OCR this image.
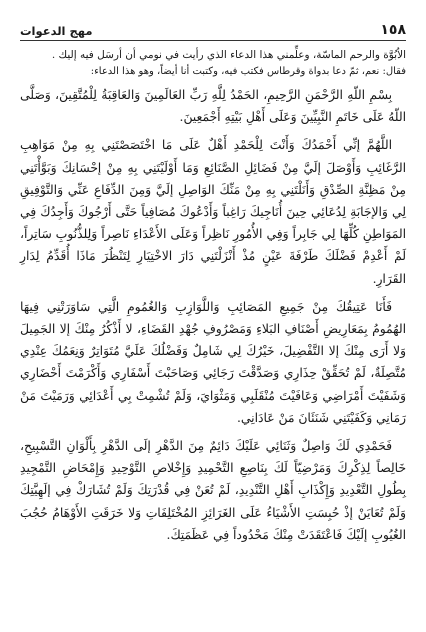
١٥٨
مهج الدعوات

الاُبُوَّة والرحم الماسّة، وعلِّمني هذا الدعاء الذي رأيت في نومي أن أرسَل فيه إليك .

فقال: نعم، ثمّ دعا بدواة وقرطاس فكتب فيه، وكتبت أنا أيضاً، وهو هذا الدعاء:

بِسْمِ اللّهِ الرَّحْمَنِ الرَّحِيمِ، الحَمْدُ لِلَّهِ رَبِّ العَالَمِينَ وَالعَاقِبَةُ لِلْمُتَّقِينَ، وَصَلَّى اللّهُ عَلَى خَاتَمِ النَّبِيِّينَ وَعَلَى أَهْلِ بَيْتِهِ أَجْمَعِينَ.

اللَّهُمَّ إنِّي أَحْمَدُكَ وَأَنْتَ لِلْحَمْدِ أَهْلٌ عَلَى مَا اخْتَصَصْتَنِي بِهِ مِنْ مَوَاهِبِ الرَّغَائِبِ وَأَوْصَلَ إلَيَّ مِنْ فَضَائِلِ الصَّنَائِعِ وَمَا أَوْلَيْتَنِي بِهِ مِنْ إحْسَانِكَ وَبَوَّأْتَنِي مِنْ مَظِنَّةِ الصِّدْقِ وَأَنَلْتَنِي بِهِ مِنْ مَنِّكَ الوَاصِلِ إلَيَّ وَمِنَ الدِّفَاعِ عَنِّي وَالتَّوْفِيقِ لِي وَالإجَابَةِ لِدُعَائِي حِينَ أُنَاجِيكَ رَاغِباً وَأَدْعُوكَ مُصَافِياً حَتَّى أَرْجُوكَ وَأَجِدُكَ فِي المَوَاطِنِ كُلِّهَا لِي جَابِراً وَفِي الأُمُورِ نَاظِراً وَعَلَى الأَعْدَاءِ نَاصِراً وَلِلذُّنُوبِ سَاتِراً، لَمْ أَعْدِمْ فَضْلَكَ طَرْفَةَ عَيْنٍ مُذْ أَنْزَلْتَنِي دَارَ الاخْتِيَارِ لِتَنْظُرَ مَاذَا أُقَدِّمُ لِدَارِ القَرَارِ.

فَأَنَا عَتِيقُكَ مِنْ جَمِيعِ المَصَائِبِ وَاللَّوَازِبِ وَالغُمُومِ الَّتِي سَاوَرَتْنِي فِيهَا الهُمُومُ بِمَعَارِيضِ أَصْنَافِ البَلاءِ وَمَصْرُوفِ جُهْدِ القَضَاءِ، لا أَذْكُرُ مِنْكَ إلا الجَمِيلَ وَلا أَرَى مِنْكَ إلا التَّفْضِيلَ، خَيْرُكَ لِي شَامِلٌ وَفَضْلُكَ عَلَيَّ مُتَوَاتِرٌ وَنِعَمُكَ عِنْدِي مُتَّصِلَةٌ، لَمْ تُحَقِّقْ حِذَارِي وَصَدَّقْتَ رَجَائِي وَصَاحَبْتَ أَسْفَارِي وَأَكْرَمْتَ أَحْضَارِي وَشَفَيْتَ أَمْرَاضِي وَعَافَيْتَ مُنْقَلَبِي وَمَثْوَايَ، وَلَمْ تُشْمِتْ بِي أَعْدَائِي وَرَمَيْتَ مَنْ رَمَانِي وَكَفَيْتَنِي شَنَئَانَ مَنْ عَادَانِي.

فَحَمْدِي لَكَ وَاصِلٌ وَثَنَائِي عَلَيْكَ دَائِمٌ مِنَ الدَّهْرِ إلَى الدَّهْرِ بِأَلْوَانِ التَّسْبِيحِ، خَالِصاً لِذِكْرِكَ وَمَرْضِيّاً لَكَ بِنَاصِعِ التَّحْمِيدِ وَإِخْلاصِ التَّوْحِيدِ وَإِمْحَاضِ التَّمْجِيدِ بِطُولِ التَّعْدِيدِ وَإِكْذَابِ أَهْلِ التَّنْدِيدِ، لَمْ تُعَنْ فِي قُدْرَتِكَ وَلَمْ تُشَارَكْ فِي إلَهِيَّتِكَ وَلَمْ تُعَايَنْ إذْ حُبِسَتِ الأَشْيَاءُ عَلَى الغَرَائِزِ المُخْتَلِفَاتِ وَلا خَرَقَتِ الأَوْهَامُ حُجُبَ الغُيُوبِ إلَيْكَ فَاعْتَقَدَتْ مِنْكَ مَحْدُوداً فِي عَظَمَتِكَ.
